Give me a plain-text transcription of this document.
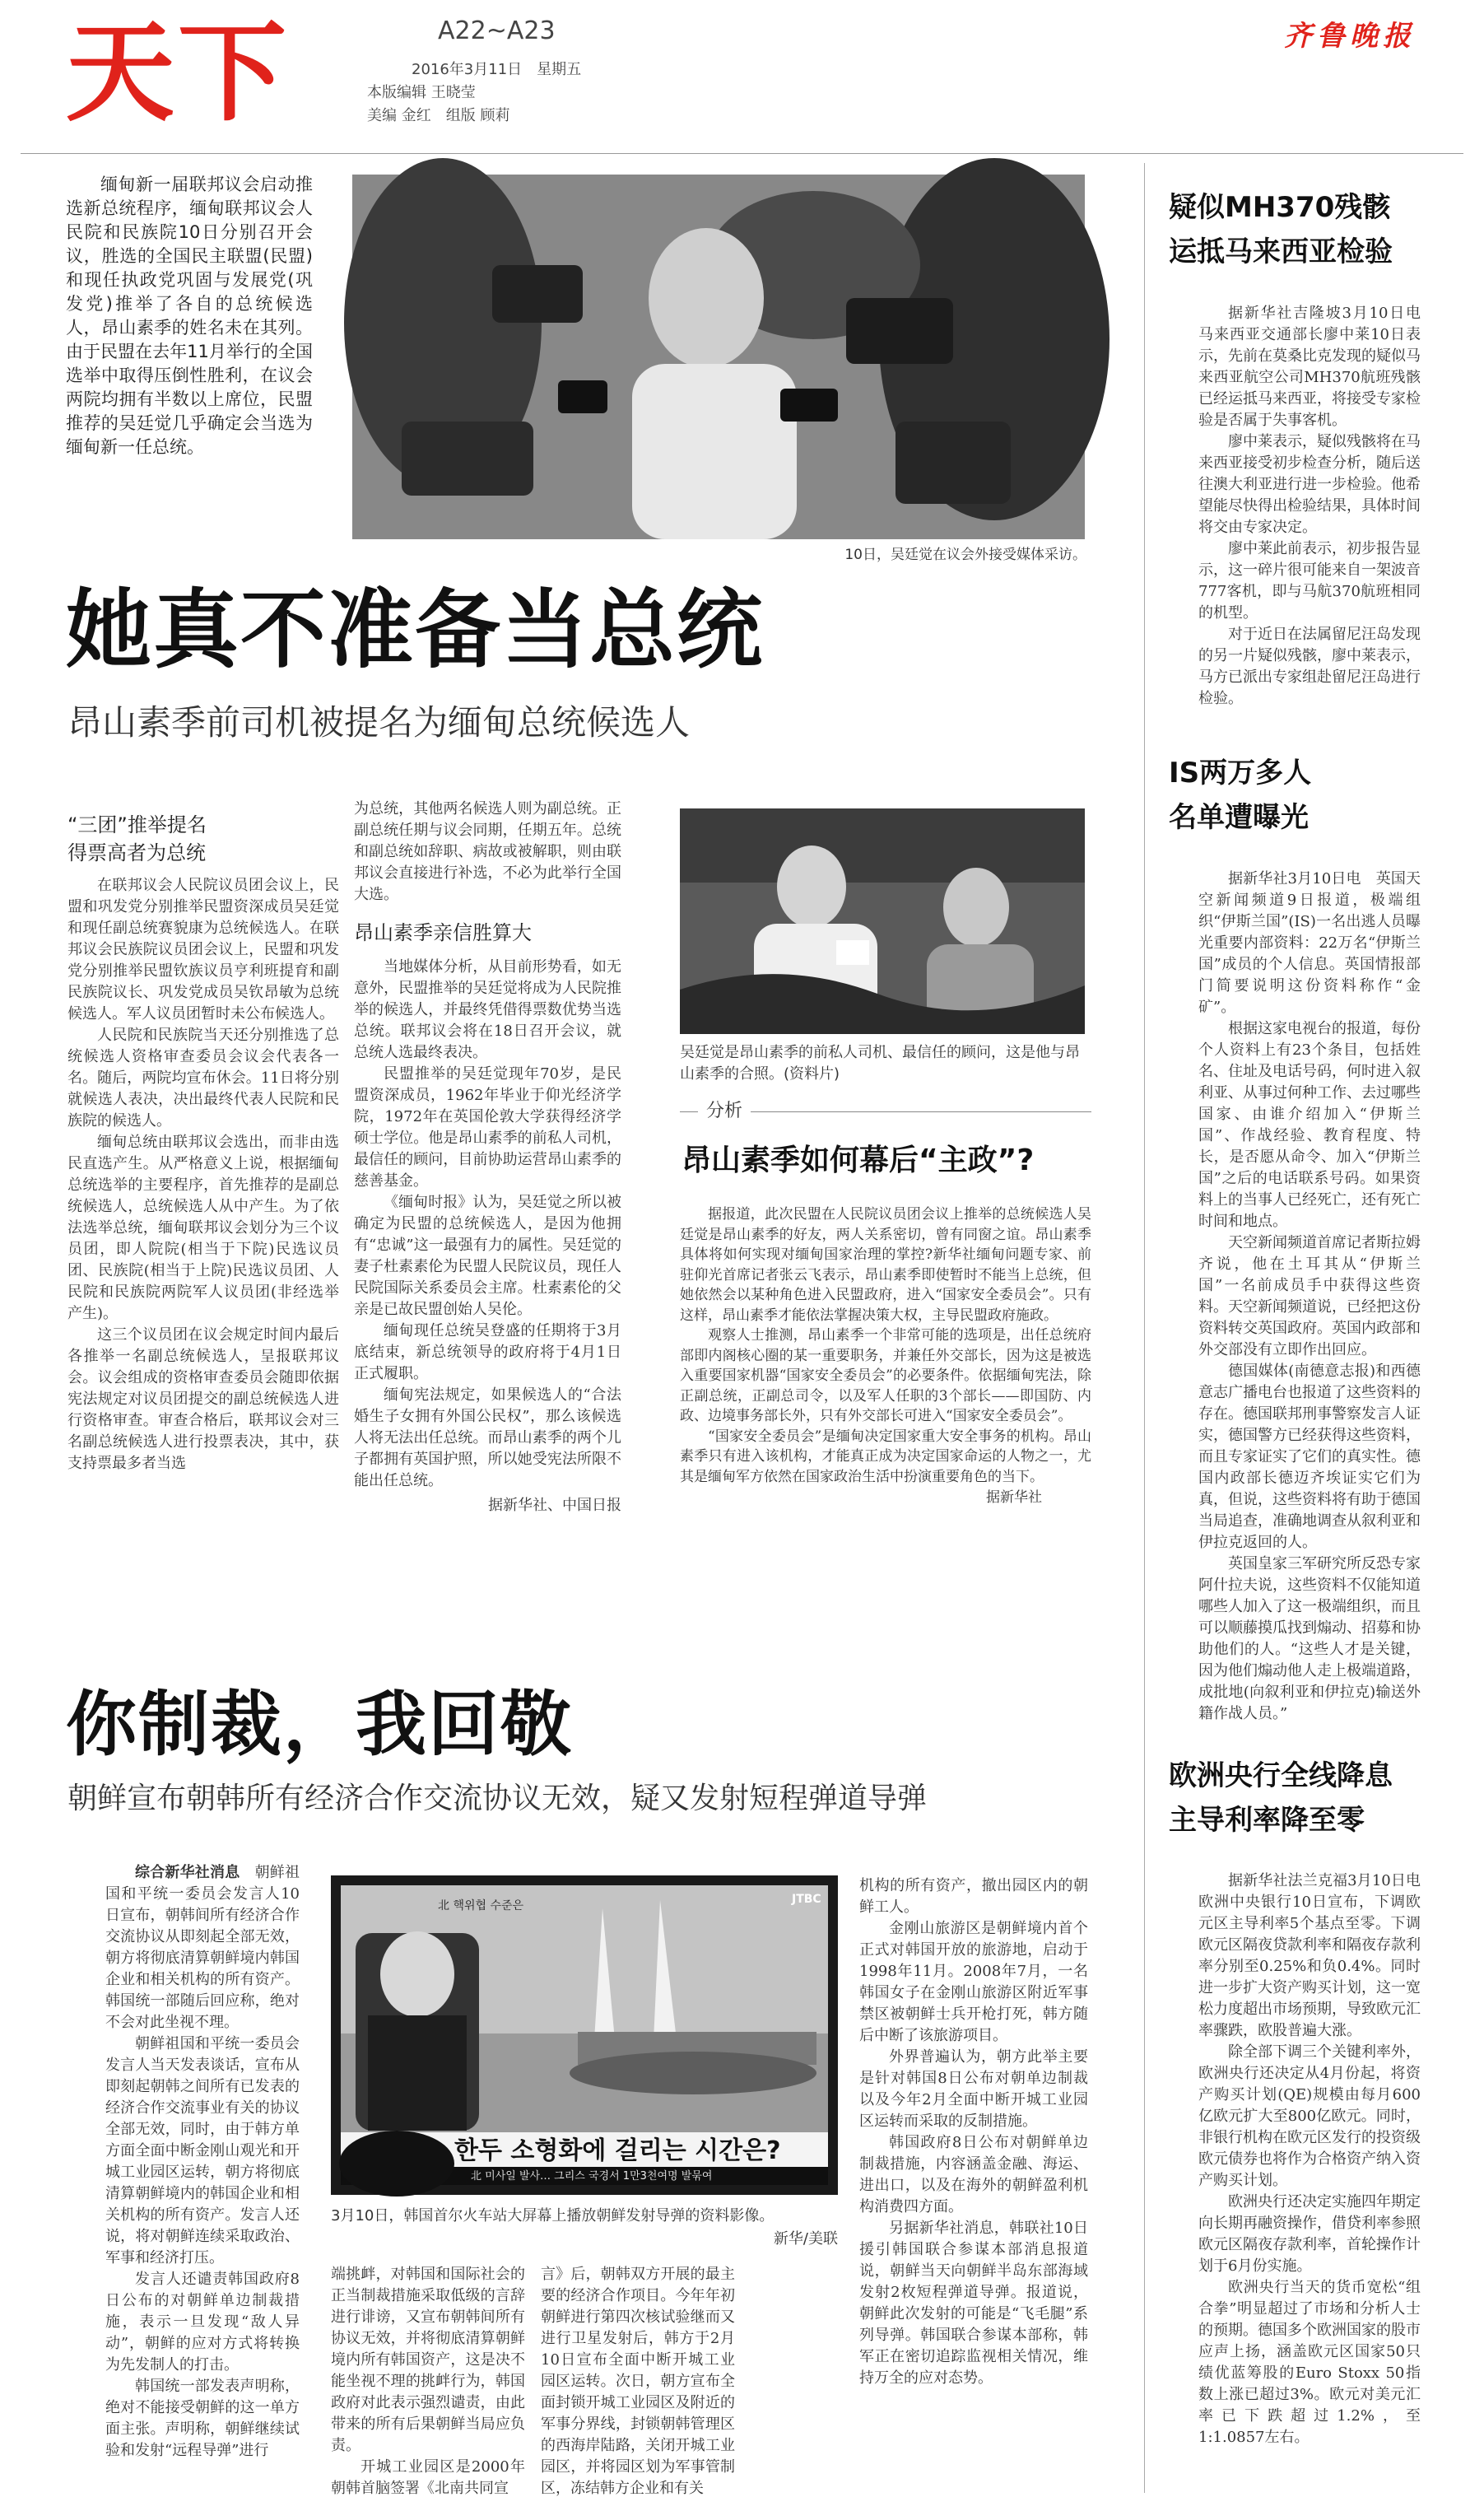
天下	A22~A23
2016年3月11日　星期五
本版编辑 王晓莹
美编 金红　组版 顾莉
齐鲁晚报

缅甸新一届联邦议会启动推选新总统程序，缅甸联邦议会人民院和民族院10日分别召开会议，胜选的全国民主联盟(民盟)和现任执政党巩固与发展党(巩发党)推举了各自的总统候选人，昂山素季的姓名未在其列。由于民盟在去年11月举行的全国选举中取得压倒性胜利，在议会两院均拥有半数以上席位，民盟推荐的吴廷觉几乎确定会当选为缅甸新一任总统。

10日，吴廷觉在议会外接受媒体采访。
她真不准备当总统
昂山素季前司机被提名为缅甸总统候选人
“三团”推举提名
得票高者为总统

在联邦议会人民院议员团会议上，民盟和巩发党分别推举民盟资深成员吴廷觉和现任副总统赛貌康为总统候选人。在联邦议会民族院议员团会议上，民盟和巩发党分别推举民盟钦族议员亨利班提育和副民族院议长、巩发党成员吴钦昂敏为总统候选人。军人议员团暂时未公布候选人。

人民院和民族院当天还分别推选了总统候选人资格审查委员会议会代表各一名。随后，两院均宣布休会。11日将分别就候选人表决，决出最终代表人民院和民族院的候选人。

缅甸总统由联邦议会选出，而非由选民直选产生。从严格意义上说，根据缅甸总统选举的主要程序，首先推荐的是副总统候选人，总统候选人从中产生。为了依法选举总统，缅甸联邦议会划分为三个议员团，即人院院(相当于下院)民选议员团、民族院(相当于上院)民选议员团、人民院和民族院两院军人议员团(非经选举产生)。

这三个议员团在议会规定时间内最后各推举一名副总统候选人，呈报联邦议会。议会组成的资格审查委员会随即依据宪法规定对议员团提交的副总统候选人进行资格审查。审查合格后，联邦议会对三名副总统候选人进行投票表决，其中，获支持票最多者当选

为总统，其他两名候选人则为副总统。正副总统任期与议会同期，任期五年。总统和副总统如辞职、病故或被解职，则由联邦议会直接进行补选，不必为此举行全国大选。

昂山素季亲信胜算大

当地媒体分析，从目前形势看，如无意外，民盟推举的吴廷觉将成为人民院推举的候选人，并最终凭借得票数优势当选总统。联邦议会将在18日召开会议，就总统人选最终表决。

民盟推举的吴廷觉现年70岁，是民盟资深成员，1962年毕业于仰光经济学院，1972年在英国伦敦大学获得经济学硕士学位。他是昂山素季的前私人司机，最信任的顾问，目前协助运营昂山素季的慈善基金。

《缅甸时报》认为，吴廷觉之所以被确定为民盟的总统候选人，是因为他拥有“忠诚”这一最强有力的属性。吴廷觉的妻子杜素素伦为民盟人民院议员，现任人民院国际关系委员会主席。杜素素伦的父亲是已故民盟创始人吴伦。

缅甸现任总统吴登盛的任期将于3月底结束，新总统领导的政府将于4月1日正式履职。

缅甸宪法规定，如果候选人的“合法婚生子女拥有外国公民权”，那么该候选人将无法出任总统。而昂山素季的两个儿子都拥有英国护照，所以她受宪法所限不能出任总统。

据新华社、中国日报
吴廷觉是昂山素季的前私人司机、最信任的顾问，这是他与昂山素季的合照。(资料片)
分析
昂山素季如何幕后“主政”?

据报道，此次民盟在人民院议员团会议上推举的总统候选人吴廷觉是昂山素季的好友，两人关系密切，曾有同窗之谊。昂山素季具体将如何实现对缅甸国家治理的掌控?新华社缅甸问题专家、前驻仰光首席记者张云飞表示，昂山素季即使暂时不能当上总统，但她依然会以某种角色进入民盟政府，进入“国家安全委员会”。只有这样，昂山素季才能依法掌握决策大权，主导民盟政府施政。

观察人士推测，昂山素季一个非常可能的选项是，出任总统府部即内阁核心圈的某一重要职务，并兼任外交部长，因为这是被选入重要国家机器“国家安全委员会”的必要条件。依据缅甸宪法，除正副总统，正副总司令，以及军人任职的3个部长——即国防、内政、边境事务部长外，只有外交部长可进入“国家安全委员会”。

“国家安全委员会”是缅甸决定国家重大安全事务的机构。昂山素季只有进入该机构，才能真正成为决定国家命运的人物之一，尤其是缅甸军方依然在国家政治生活中扮演重要角色的当下。

据新华社
你制裁，我回敬
朝鲜宣布朝韩所有经济合作交流协议无效，疑又发射短程弹道导弹

综合新华社消息　 朝鲜祖国和平统一委员会发言人10日宣布，朝韩间所有经济合作交流协议从即刻起全部无效，朝方将彻底清算朝鲜境内韩国企业和相关机构的所有资产。韩国统一部随后回应称，绝对不会对此坐视不理。

朝鲜祖国和平统一委员会发言人当天发表谈话，宣布从即刻起朝韩之间所有已发表的经济合作交流事业有关的协议全部无效，同时，由于韩方单方面全面中断金刚山观光和开城工业园区运转，朝方将彻底清算朝鲜境内的韩国企业和相关机构的所有资产。发言人还说，将对朝鲜连续采取政治、军事和经济打压。

发言人还谴责韩国政府8日公布的对朝鲜单边制裁措施，表示一旦发现“敌人异动”，朝鲜的应对方式将转换为先发制人的打击。

韩国统一部发表声明称，绝对不能接受朝鲜的这一单方面主张。声明称，朝鲜继续试验和发射“远程导弹”进行

北 핵위협 수준은
한두 소형화에 걸리는 시간은?
北 미사일 발사… 그리스 국경서 1만3천여명 발묶여
JTBC
3月10日，韩国首尔火车站大屏幕上播放朝鲜发射导弹的资料影像。
新华/美联

端挑衅，对韩国和国际社会的正当制裁措施采取低级的言辞进行诽谤，又宣布朝韩间所有协议无效，并将彻底清算朝鲜境内所有韩国资产，这是决不能坐视不理的挑衅行为，韩国政府对此表示强烈谴责，由此带来的所有后果朝鲜当局应负责。

开城工业园区是2000年朝韩首脑签署《北南共同宣

言》后，朝韩双方开展的最主要的经济合作项目。今年年初朝鲜进行第四次核试验继而又进行卫星发射后，韩方于2月10日宣布全面中断开城工业园区运转。次日，朝方宣布全面封锁开城工业园区及附近的军事分界线，封锁朝韩管理区的西海岸陆路，关闭开城工业园区，并将园区划为军事管制区，冻结韩方企业和有关

机构的所有资产，撤出园区内的朝鲜工人。

金刚山旅游区是朝鲜境内首个正式对韩国开放的旅游地，启动于1998年11月。2008年7月，一名韩国女子在金刚山旅游区附近军事禁区被朝鲜士兵开枪打死，韩方随后中断了该旅游项目。

外界普遍认为，朝方此举主要是针对韩国8日公布对朝单边制裁以及今年2月全面中断开城工业园区运转而采取的反制措施。

韩国政府8日公布对朝鲜单边制裁措施，内容涵盖金融、海运、进出口，以及在海外的朝鲜盈利机构消费四方面。

另据新华社消息，韩联社10日援引韩国联合参谋本部消息报道说，朝鲜当天向朝鲜半岛东部海域发射2枚短程弹道导弹。报道说，朝鲜此次发射的可能是“飞毛腿”系列导弹。韩国联合参谋本部称，韩军正在密切追踪监视相关情况，维持万全的应对态势。

疑似MH370残骸
运抵马来西亚检验

据新华社吉隆坡3月10日电　马来西亚交通部长廖中莱10日表示，先前在莫桑比克发现的疑似马来西亚航空公司MH370航班残骸已经运抵马来西亚，将接受专家检验是否属于失事客机。

廖中莱表示，疑似残骸将在马来西亚接受初步检查分析，随后送往澳大利亚进行进一步检验。他希望能尽快得出检验结果，具体时间将交由专家决定。

廖中莱此前表示，初步报告显示，这一碎片很可能来自一架波音777客机，即与马航370航班相同的机型。

对于近日在法属留尼汪岛发现的另一片疑似残骸，廖中莱表示，马方已派出专家组赴留尼汪岛进行检验。

IS两万多人
名单遭曝光

据新华社3月10日电　英国天空新闻频道9日报道，极端组织“伊斯兰国”(IS)一名出逃人员曝光重要内部资料：22万名“伊斯兰国”成员的个人信息。英国情报部门简要说明这份资料称作“金矿”。

根据这家电视台的报道，每份个人资料上有23个条目，包括姓名、住址及电话号码，何时进入叙利亚、从事过何种工作、去过哪些国家、由谁介绍加入“伊斯兰国”、作战经验、教育程度、特长，是否愿从命令、加入“伊斯兰国”之后的电话联系号码。如果资料上的当事人已经死亡，还有死亡时间和地点。

天空新闻频道首席记者斯拉姆齐说，他在土耳其从“伊斯兰国”一名前成员手中获得这些资料。天空新闻频道说，已经把这份资料转交英国政府。英国内政部和外交部没有立即作出回应。

德国媒体(南德意志报)和西德意志广播电台也报道了这些资料的存在。德国联邦刑事警察发言人证实，德国警方已经获得这些资料，而且专家证实了它们的真实性。德国内政部长德迈齐埃证实它们为真，但说，这些资料将有助于德国当局追查，准确地调查从叙利亚和伊拉克返回的人。

英国皇家三军研究所反恐专家阿什拉夫说，这些资料不仅能知道哪些人加入了这一极端组织，而且可以顺藤摸瓜找到煽动、招募和协助他们的人。“这些人才是关键，因为他们煽动他人走上极端道路，成批地(向叙利亚和伊拉克)输送外籍作战人员。”

欧洲央行全线降息
主导利率降至零

据新华社法兰克福3月10日电　欧洲中央银行10日宣布，下调欧元区主导利率5个基点至零。下调欧元区隔夜贷款利率和隔夜存款利率分别至0.25%和负0.4%。同时进一步扩大资产购买计划，这一宽松力度超出市场预期，导致欧元汇率骤跌，欧股普遍大涨。

除全部下调三个关键利率外，欧洲央行还决定从4月份起，将资产购买计划(QE)规模由每月600亿欧元扩大至800亿欧元。同时，非银行机构在欧元区发行的投资级欧元债券也将作为合格资产纳入资产购买计划。

欧洲央行还决定实施四年期定向长期再融资操作，借贷利率参照欧元区隔夜存款利率，首轮操作计划于6月份实施。

欧洲央行当天的货币宽松“组合拳”明显超过了市场和分析人士的预期。德国多个欧洲国家的股市应声上扬，涵盖欧元区国家50只绩优蓝筹股的Euro Stoxx 50指数上涨已超过3%。欧元对美元汇率已下跌超过1.2%，至1:1.0857左右。
